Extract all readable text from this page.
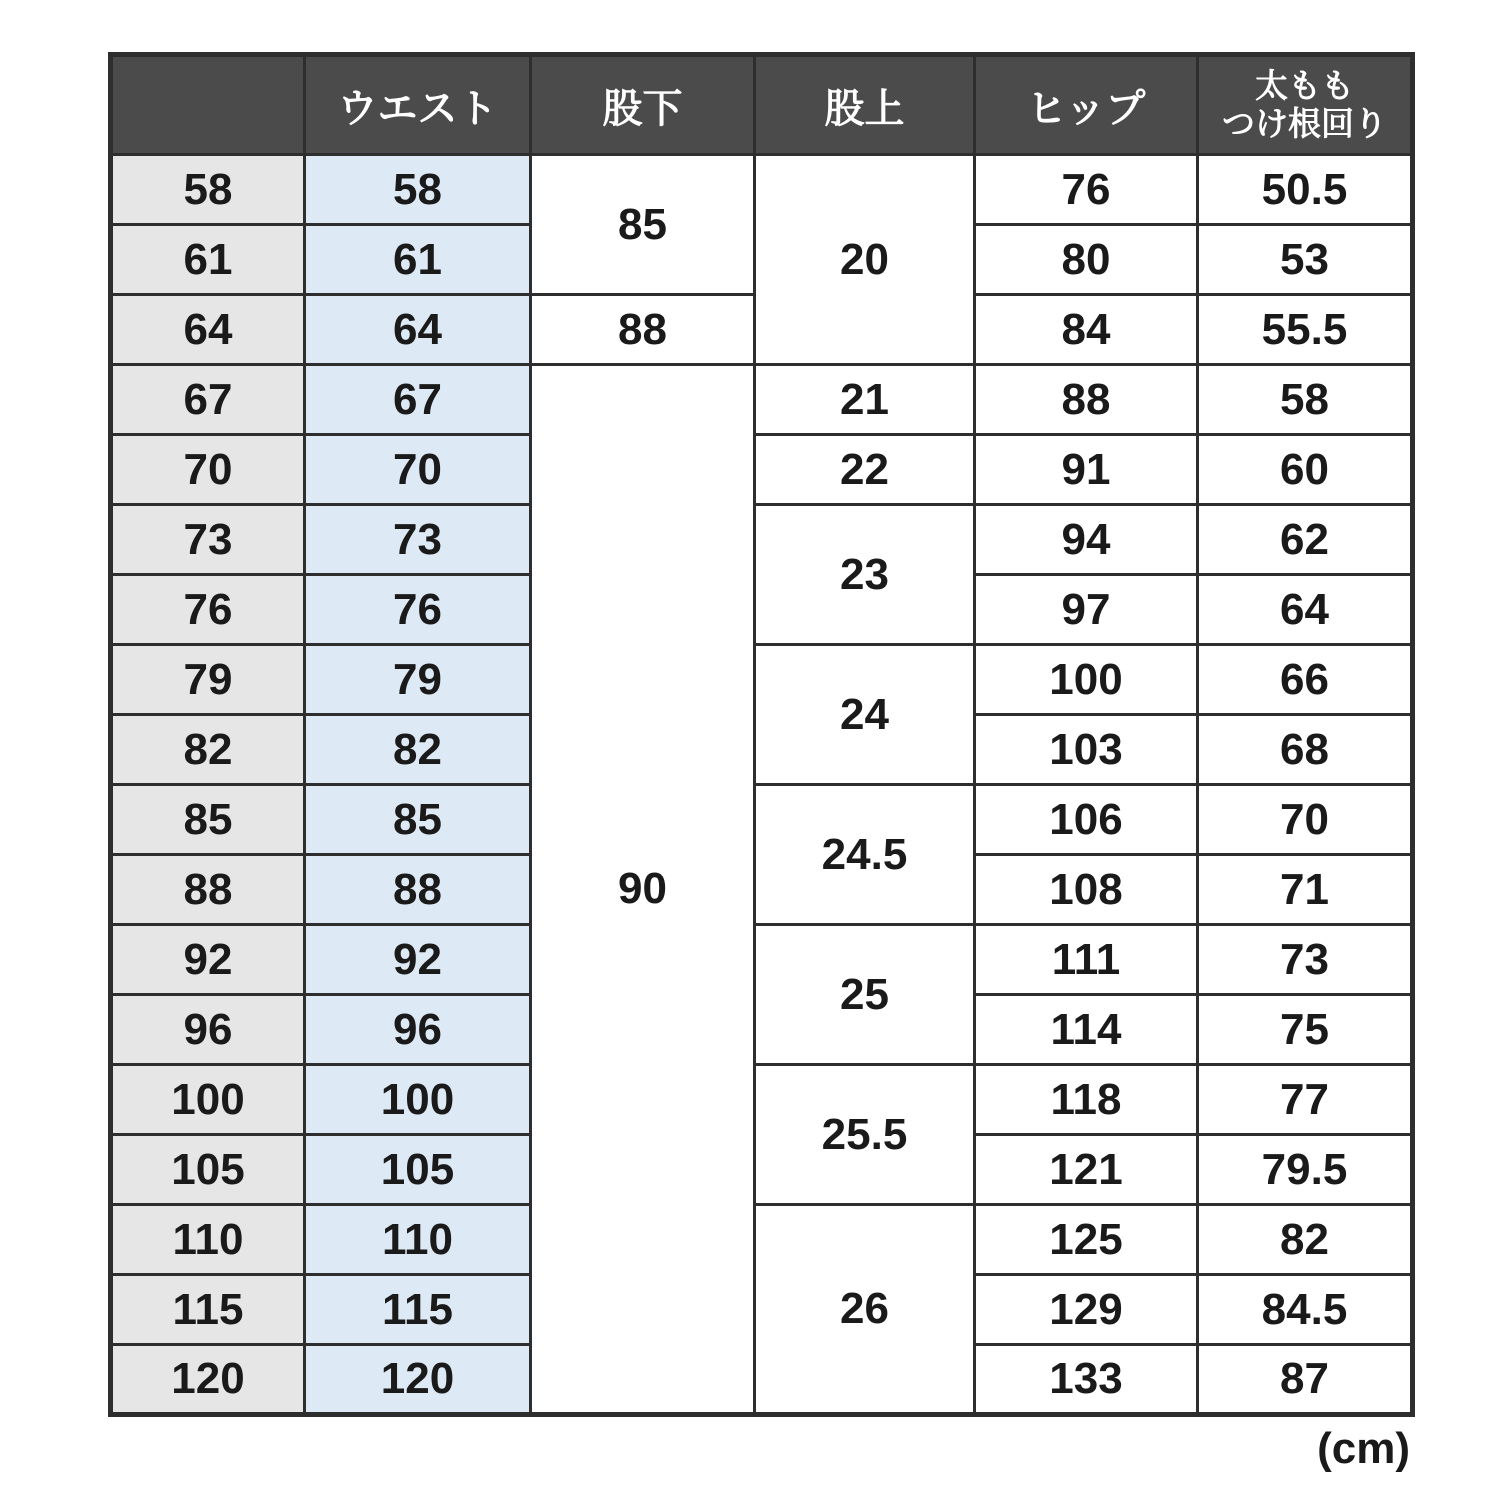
	ウエスト	股下	股上	ヒップ	太もも
つけ根回り

58	58	85	20	76	50.5
61	61			80	53
64	64	88		84	55.5
67	67	90	21	88	58
70	70		22	91	60
73	73		23	94	62
76	76			97	64
79	79		24	100	66
82	82			103	68
85	85		24.5	106	70
88	88			108	71
92	92		25	111	73
96	96			114	75
100	100		25.5	118	77
105	105			121	79.5
110	110		26	125	82
115	115			129	84.5
120	120			133	87
(cm)
